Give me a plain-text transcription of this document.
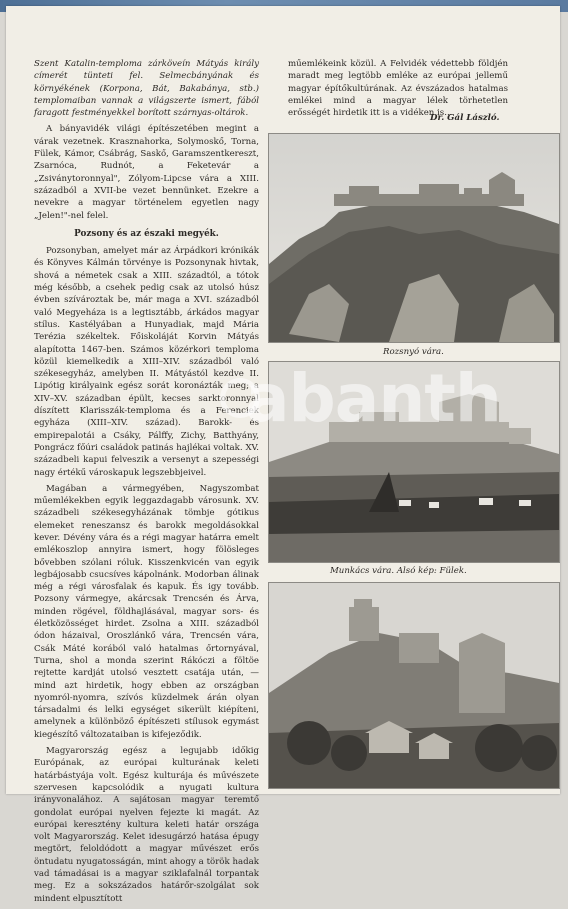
Szent Katalin-temploma zárköveín Mátyás király címerét tünteti fel. Selmecbányának és környékének (Korpona, Bát, Bakabánya, stb.) templomaiban vannak a világszerte ismert, fából faragott festményekkel borított szárnyas-oltárok.

A bányavidék világi építészetében megint a várak vezetnek. Krasznahorka, Solymoskő, Torna, Fülek, Kámor, Csábrág, Saskő, Garamszentkereszt, Zsarnóca, Rudnót, a Feketevár a „Zsiványtoronnyal", Zólyom-Lipcse vára a XIII. századból a XVII-be vezet bennünket. Ezekre a nevekre a magyar történelem egyetlen nagy „Jelen!"-nel felel.

Pozsony és az északi megyék.

Pozsonyban, amelyet már az Árpádkori krónikák és Könyves Kálmán törvénye is Pozsonynak hivtak, shová a németek csak a XIII. századtól, a tótok még később, a csehek pedig csak az utolsó húsz évben szívároztak be, már maga a XVI. századból való Megyeháza is a legtisztább, árkádos magyar stílus. Kastélyában a Hunyadiak, majd Mária Terézia székeltek. Főiskoláját Korvin Mátyás alapította 1467-ben. Számos közérkori temploma közül kiemelkedik a XIII–XIV. századból való székesegyház, amelyben II. Mátyástól kezdve II. Lipótig királyaink egész sorát koronázták meg; a XIV–XV. században épült, kecses sarktoronnyal díszített Klarisszák-temploma és a Ferenciek egyháza (XIII–XIV. század). Barokk- és empirepalotái a Csáky, Pálffy, Zichy, Batthyány, Pongrácz főúri családok patinás hajlékai voltak. XV. századbeli kapui felveszik a versenyt a szepességi nagy értékű városkapuk legszebbjeivel.

Magában a vármegyében, Nagyszombat műemlékekben egyik leggazdagabb városunk. XV. századbeli székesegyházának tömbje gótikus elemeket reneszansz és barokk megoldásokkal kever. Dévény vára és a régi magyar határra emelt emlékoszlop annyira ismert, hogy fölösleges bővebben szólani róluk. Kisszenkvicén van egyik legbájosabb csucsíves kápolnánk. Modorban álinak még a régi városfalak és kapuk. És igy tovább. Pozsony vármegye, akárcsak Trencsén és Árva, minden rögével, földhajlásával, magyar sors- és életközösséget hirdet. Zsolna a XIII. századból ódon házaival, Oroszlánkő vára, Trencsén vára, Csák Máté korából való hatalmas őrtornyával, Turna, shol a monda szerint Rákóczi a föltöe rejtette kardját utolsó vesztett csatája után, — mind azt hirdetik, hogy ebben az országban nyomról-nyomra, szívós küzdelmek árán olyan társadalmi és lelki egységet sikerült kiépíteni, amelynek a különböző építészeti stílusok egymást kiegészítő változataiban is kifejeződik.

Magyarország egész a legujabb időkig Európának, az európai kulturának keleti határbástyája volt. Egész kulturája és művészete szervesen kapcsolódik a nyugati kultura irányvonalához. A sajátosan magyar teremtő gondolat európai nyelven fejezte ki magát. Az európai keresztény kultura keleti határ országa volt Magyarország. Kelet idesugárzó hatása épugy megtört, feloldódott a magyar művészet erős öntudatu nyugatosságán, mint ahogy a török hadak vad támadásai is a magyar sziklafalnál torpantak meg. Ez a sokszázados határőr-szolgálat sok mindent elpusztított

műemlékeink közül. A Felvidék védettebb földjén maradt meg legtöbb emléke az európai jellemű magyar építőkultúrának. Az évszázados hatalmas emlékei mind a magyar lélek törhetetlen erősségét hirdetik itt is a vidéken is...

Dr. Gál László.
Rozsnyó vára.
Munkács vára. Alsó kép: Fülek.
abanth
